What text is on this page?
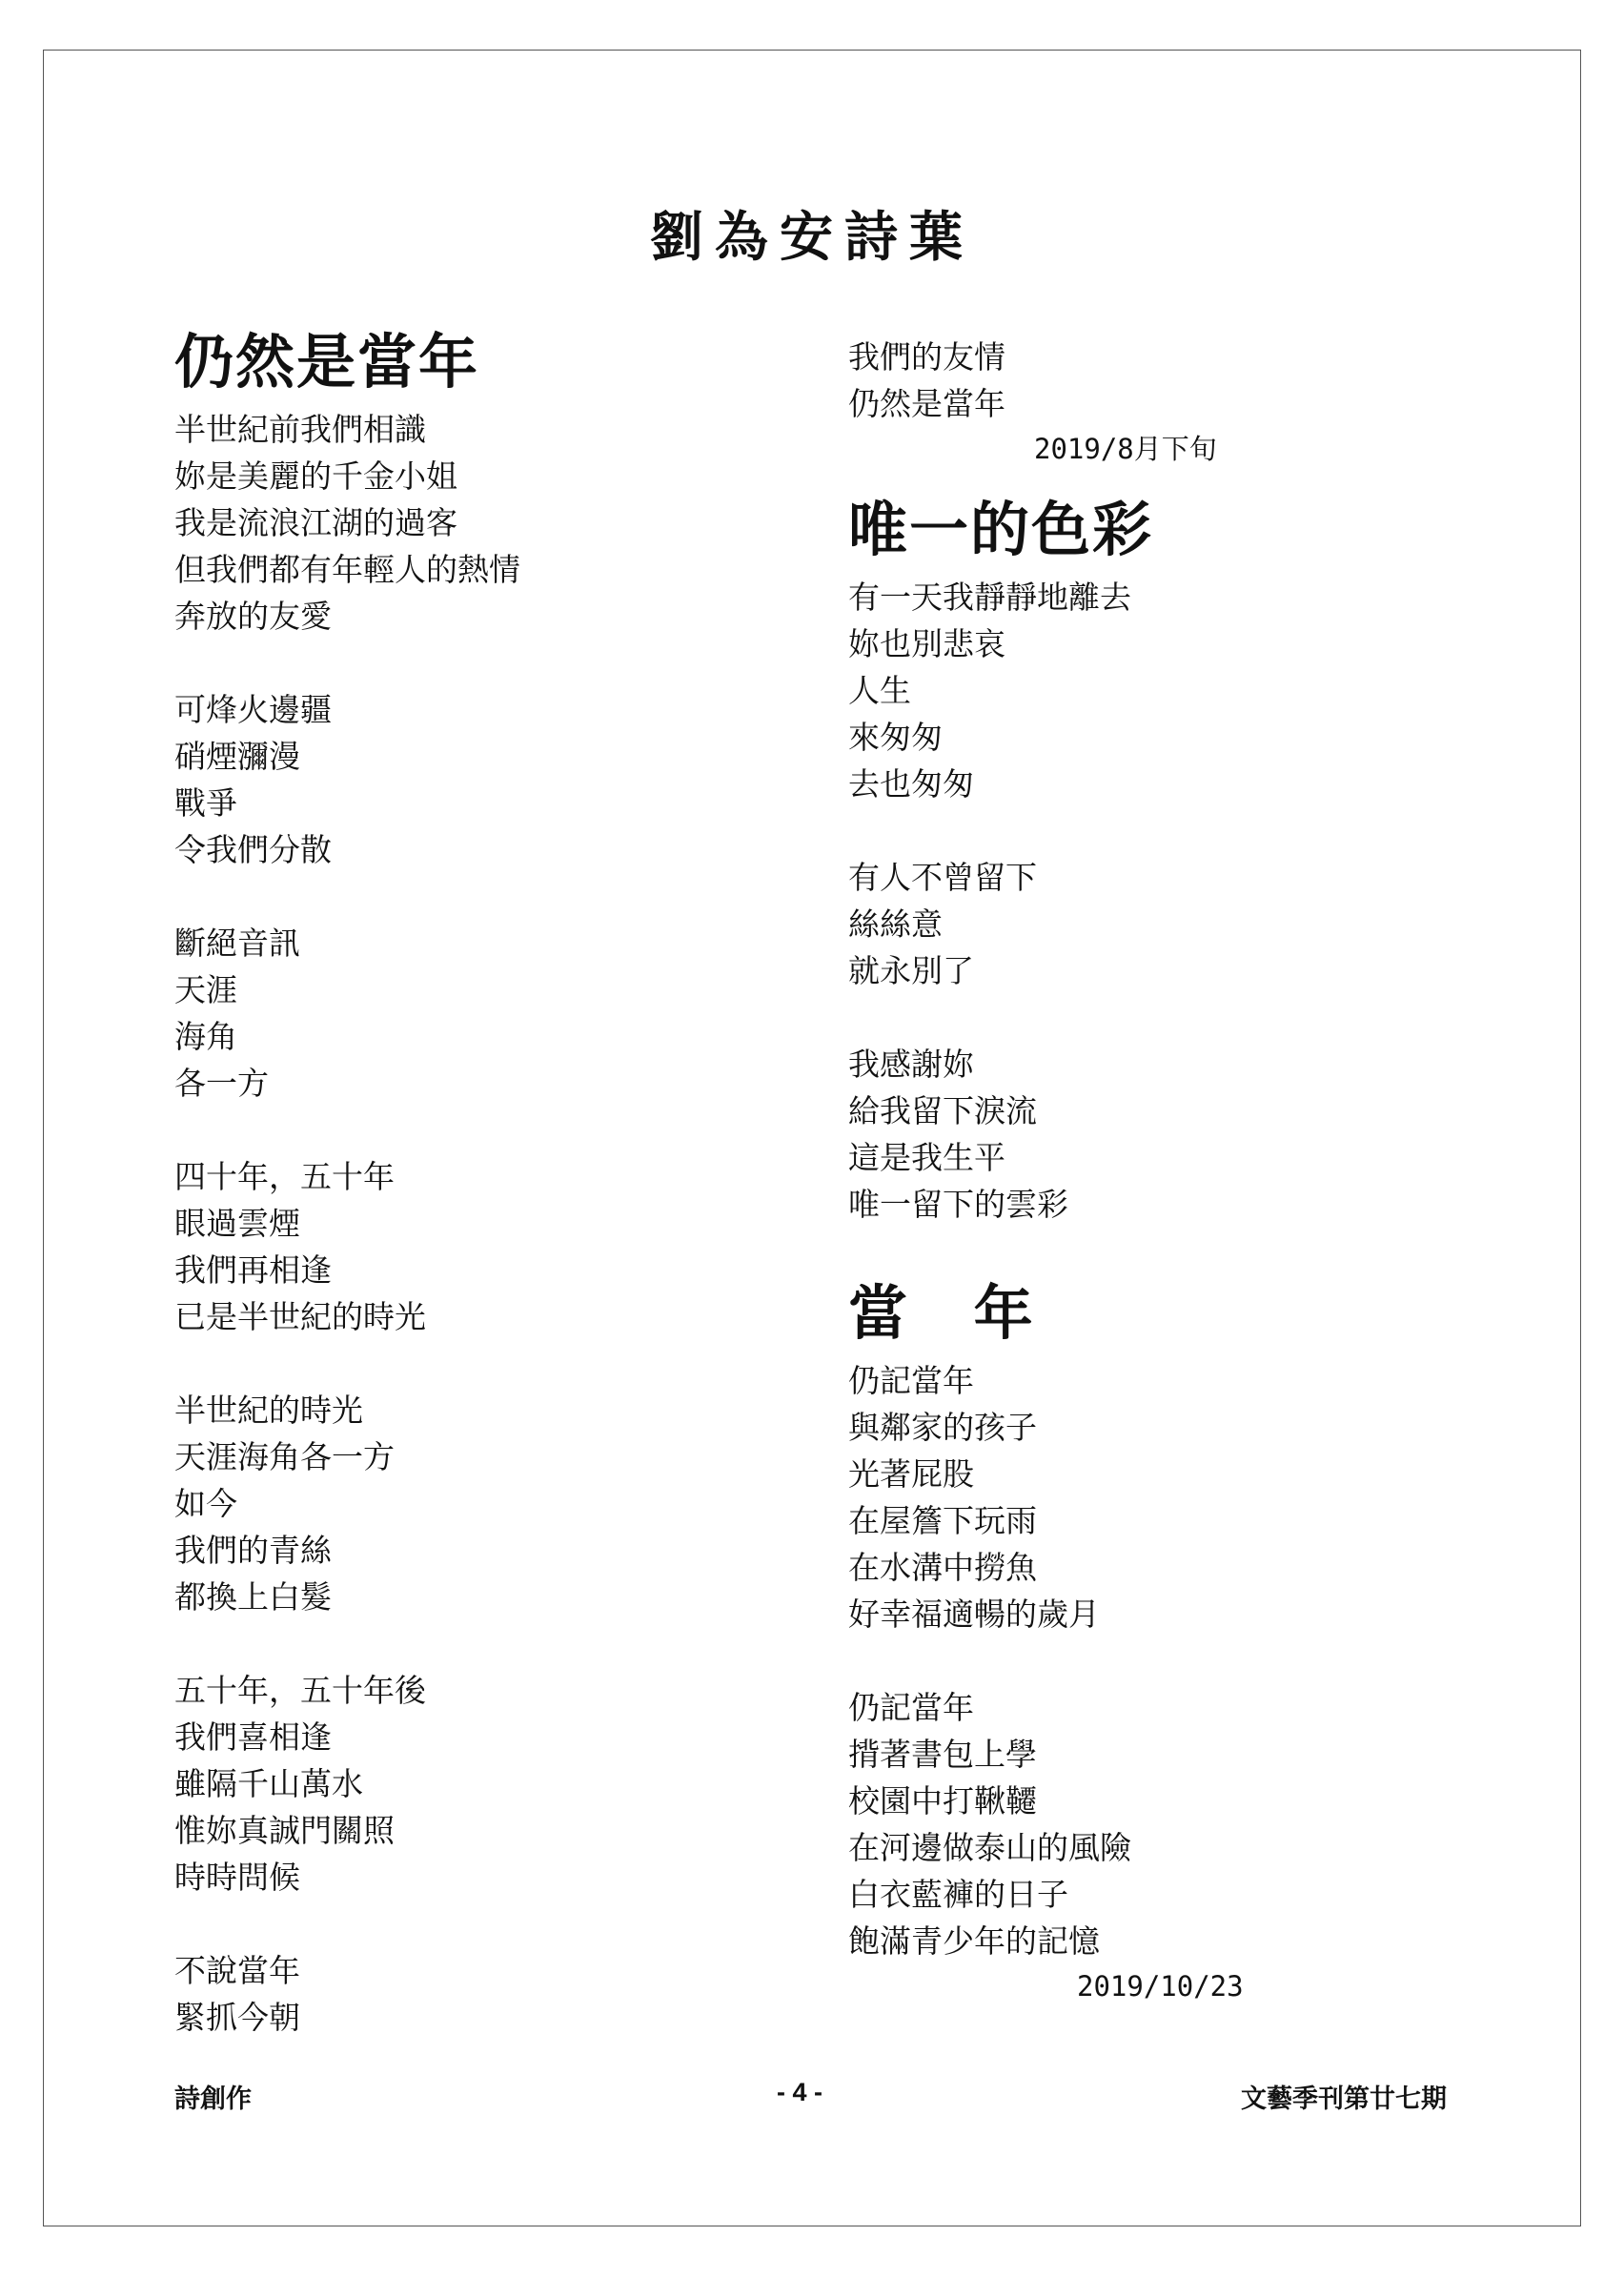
劉為安詩葉
仍然是當年
半世紀前我們相識
妳是美麗的千金小姐
我是流浪江湖的過客
但我們都有年輕人的熱情
奔放的友愛
可烽火邊疆
硝煙瀰漫
戰爭
令我們分散
斷絕音訊
天涯
海角
各一方
四十年，五十年
眼過雲煙
我們再相逢
已是半世紀的時光
半世紀的時光
天涯海角各一方
如今
我們的青絲
都換上白髮
五十年，五十年後
我們喜相逢
雖隔千山萬水
惟妳真誠門關照
時時問候
不說當年
緊抓今朝
我們的友情
仍然是當年
2019/8月下旬
唯一的色彩
有一天我靜靜地離去
妳也別悲哀
人生
來匆匆
去也匆匆
有人不曾留下
絲絲意
就永別了
我感謝妳
給我留下淚流
這是我生平
唯一留下的雲彩
當 年
仍記當年
與鄰家的孩子
光著屁股
在屋簷下玩雨
在水溝中撈魚
好幸福適暢的歲月
仍記當年
揹著書包上學
校園中打鞦韆
在河邊做泰山的風險
白衣藍褲的日子
飽滿青少年的記憶
2019/10/23
詩創作	- 4 -	文藝季刊第廿七期
